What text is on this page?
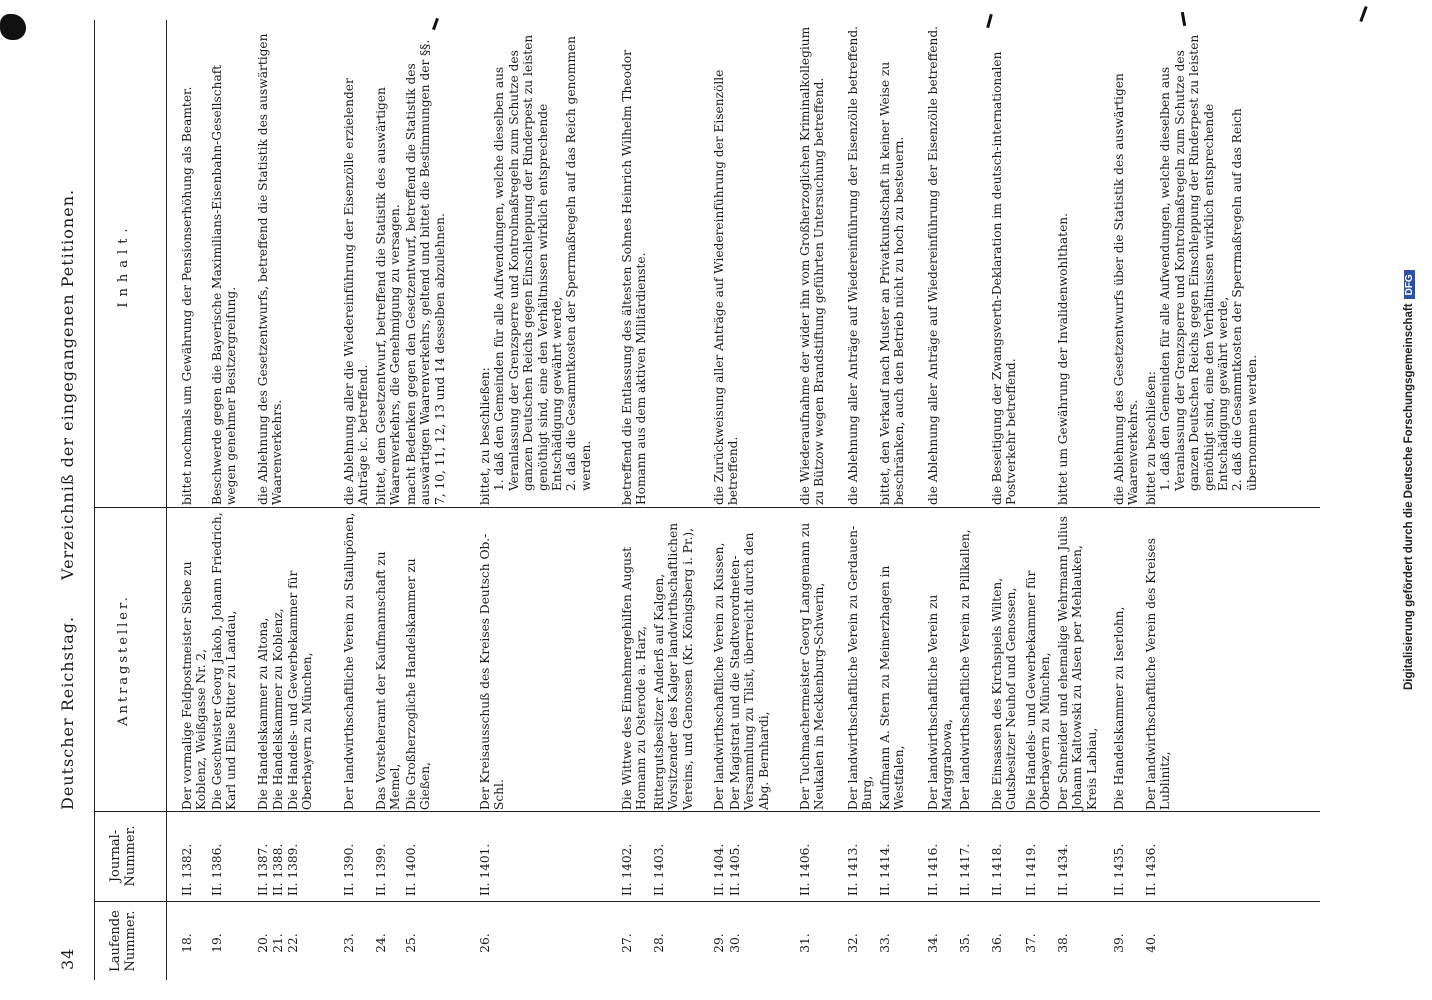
34
Deutscher Reichstag.
Verzeichniß der eingegangenen Petitionen.
Laufende Nummer.
Journal-Nummer.
Antragsteller.
Inhalt.
18.
II. 1382.
Der vormalige Feldpostmeister Siebe zu Koblenz, Weißgasse Nr. 2,
bittet nochmals um Gewährung der Pensionserhöhung als Beamter.
19.
II. 1386.
Die Geschwister Georg Jakob, Johann Friedrich, Karl und Elise Ritter zu Landau,
Beschwerde gegen die Bayerische Maximilians-Eisenbahn-Gesellschaft wegen genehmer Besitzergreifung.
20.
II. 1387.
Die Handelskammer zu Altona,
die Ablehnung des Gesetzentwurfs, betreffend die Statistik des auswärtigen Waarenverkehrs.
21.
II. 1388.
Die Handelskammer zu Koblenz,
22.
II. 1389.
Die Handels- und Gewerbekammer für Oberbayern zu München,
23.
II. 1390.
Der landwirthschaftliche Verein zu Stallupönen,
die Ablehnung aller die Wiedereinführung der Eisenzölle erzielender Anträge ic. betreffend.
24.
II. 1399.
Das Vorsteheramt der Kaufmannschaft zu Memel,
bittet, dem Gesetzentwurf, betreffend die Statistik des auswärtigen Waarenverkehrs, die Genehmigung zu versagen.
25.
II. 1400.
Die Großherzogliche Handelskammer zu Gießen,
macht Bedenken gegen den Gesetzentwurf, betreffend die Statistik des auswärtigen Waarenverkehrs, geltend und bittet die Bestimmungen der §§. 7, 10, 11, 12, 13 und 14 desselben abzulehnen.
26.
II. 1401.
Der Kreisausschuß des Kreises Deutsch Ob.-Schl.
bittet, zu beschließen: 1. daß den Gemeinden für alle Aufwendungen, welche dieselben aus Veranlassung der Grenzsperre und Kontrolmaßregeln zum Schutze des ganzen Deutschen Reichs gegen Einschleppung der Rinderpest zu leisten genöthigt sind, eine den Verhältnissen wirklich entsprechende Entschädigung gewährt werde, 2. daß die Gesammtkosten der Sperrmaßregeln auf das Reich genommen werden.
27.
II. 1402.
Die Wittwe des Einnehmergehilfen August Homann zu Osterode a. Harz,
betreffend die Entlassung des ältesten Sohnes Heinrich Wilhelm Theodor Homann aus dem aktiven Militärdienste.
28.
II. 1403.
Rittergutsbesitzer Anderß auf Kalgen, Vorsitzender des Kalger landwirthschaftlichen Vereins, und Genossen (Kr. Königsberg i. Pr.),
29.
II. 1404.
Der landwirthschaftliche Verein zu Kussen,
die Zurückweisung aller Anträge auf Wiedereinführung der Eisenzölle betreffend.
30.
II. 1405.
Der Magistrat und die Stadtverordneten-Versammlung zu Tilsit, überreicht durch den Abg. Bernhardi,
31.
II. 1406.
Der Tuchmachermeister Georg Langemann zu Neukalen in Mecklenburg-Schwerin,
die Wiederaufnahme der wider ihn vom Großherzoglichen Kriminalkollegium zu Bützow wegen Brandstiftung geführten Untersuchung betreffend.
32.
II. 1413.
Der landwirthschaftliche Verein zu Gerdauen-Burg,
die Ablehnung aller Anträge auf Wiedereinführung der Eisenzölle betreffend.
33.
II. 1414.
Kaufmann A. Stern zu Meinerzhagen in Westfalen,
bittet, den Verkauf nach Muster an Privatkundschaft in keiner Weise zu beschränken, auch den Betrieb nicht zu hoch zu besteuern.
34.
II. 1416.
Der landwirthschaftliche Verein zu Marggrabowa,
die Ablehnung aller Anträge auf Wiedereinführung der Eisenzölle betreffend.
35.
II. 1417.
Der landwirthschaftliche Verein zu Pillkallen,
36.
II. 1418.
Die Einsassen des Kirchspiels Wilten, Gutsbesitzer Neuhof und Genossen,
die Beseitigung der Zwangsverth-Deklaration im deutsch-internationalen Postverkehr betreffend.
37.
II. 1419.
Die Handels- und Gewerbekammer für Oberbayern zu München,
38.
II. 1434.
Der Schneider und ehemalige Wehrmann Julius Johann Kaltowski zu Alsen per Mehlauken, Kreis Labiau,
bittet um Gewährung der Invalidenwohlthaten.
39.
II. 1435.
Die Handelskammer zu Iserlohn,
die Ablehnung des Gesetzentwurfs über die Statistik des auswärtigen Waarenverkehrs.
40.
II. 1436.
Der landwirthschaftliche Verein des Kreises Lublinitz,
bittet zu beschließen: 1. daß den Gemeinden für alle Aufwendungen, welche dieselben aus Veranlassung der Grenzsperre und Kontrolmaßregeln zum Schutze des ganzen Deutschen Reichs gegen Einschleppung der Rinderpest zu leisten genöthigt sind, eine den Verhältnissen wirklich entsprechende Entschädigung gewährt werde, 2. daß die Gesammtkosten der Sperrmaßregeln auf das Reich übernommen werden.	Digitalisierung gefördert durch die Deutsche ForschungsgemeinschaftDFG
